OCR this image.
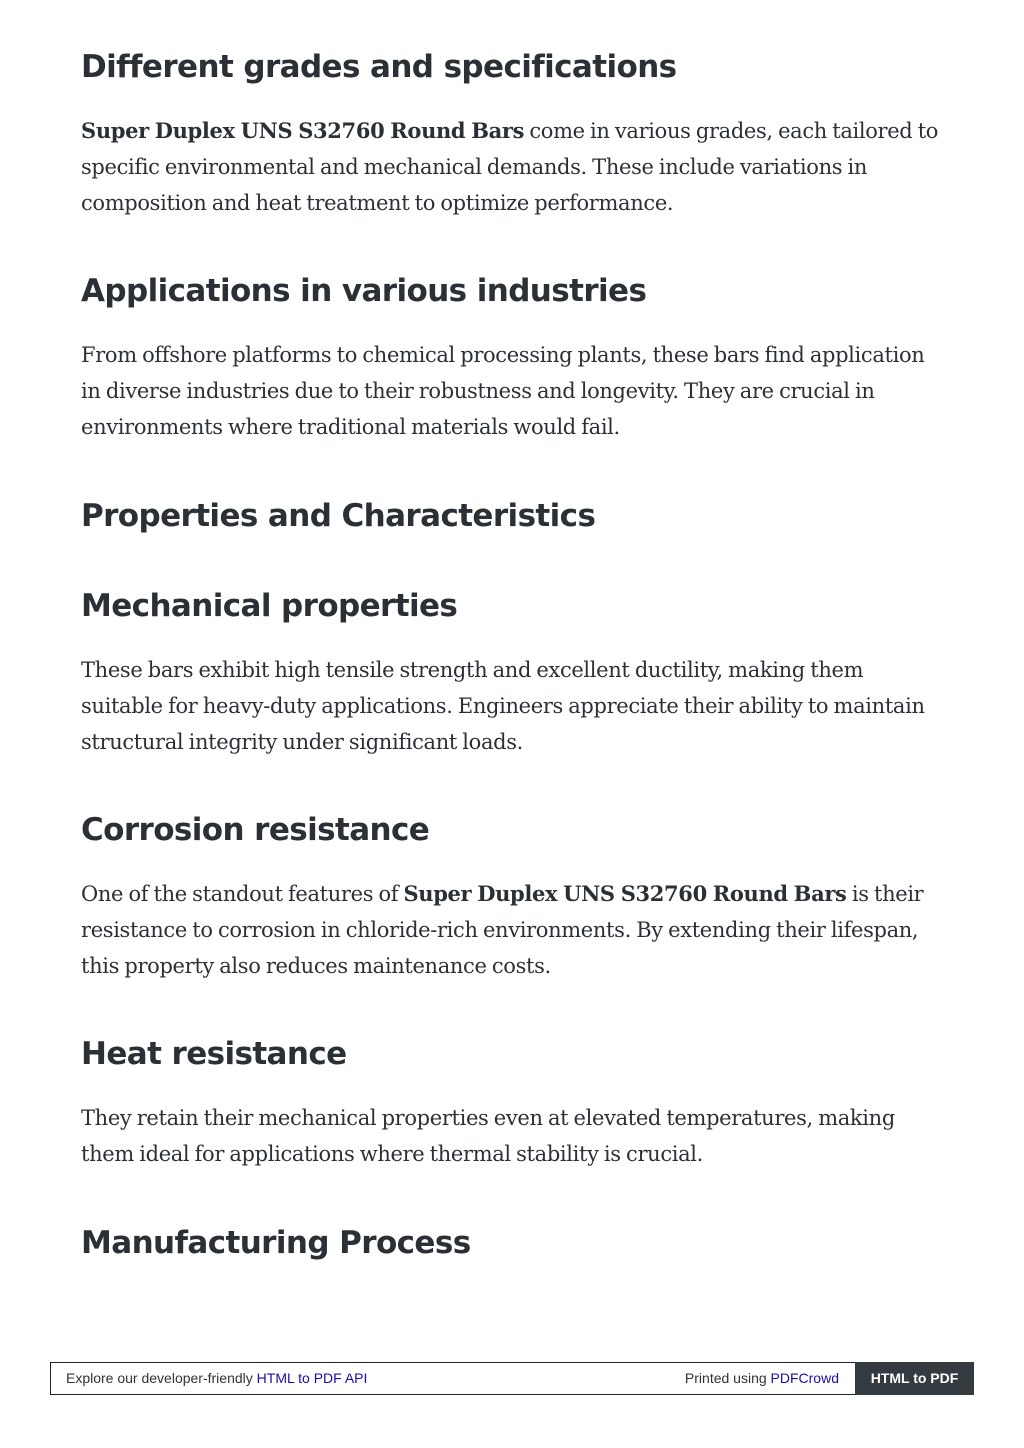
Different grades and specifications

Super Duplex UNS S32760 Round Bars come in various grades, each tailored to specific environmental and mechanical demands. These include variations in composition and heat treatment to optimize performance.

Applications in various industries

From offshore platforms to chemical processing plants, these bars find application in diverse industries due to their robustness and longevity. They are crucial in environments where traditional materials would fail.

Properties and Characteristics
Mechanical properties

These bars exhibit high tensile strength and excellent ductility, making them suitable for heavy-duty applications. Engineers appreciate their ability to maintain structural integrity under significant loads.

Corrosion resistance

One of the standout features of Super Duplex UNS S32760 Round Bars is their resistance to corrosion in chloride-rich environments. By extending their lifespan, this property also reduces maintenance costs.

Heat resistance

They retain their mechanical properties even at elevated temperatures, making them ideal for applications where thermal stability is crucial.

Manufacturing Process
Explore our developer-friendly HTML to PDF API	Printed using PDFCrowd	HTML to PDF
